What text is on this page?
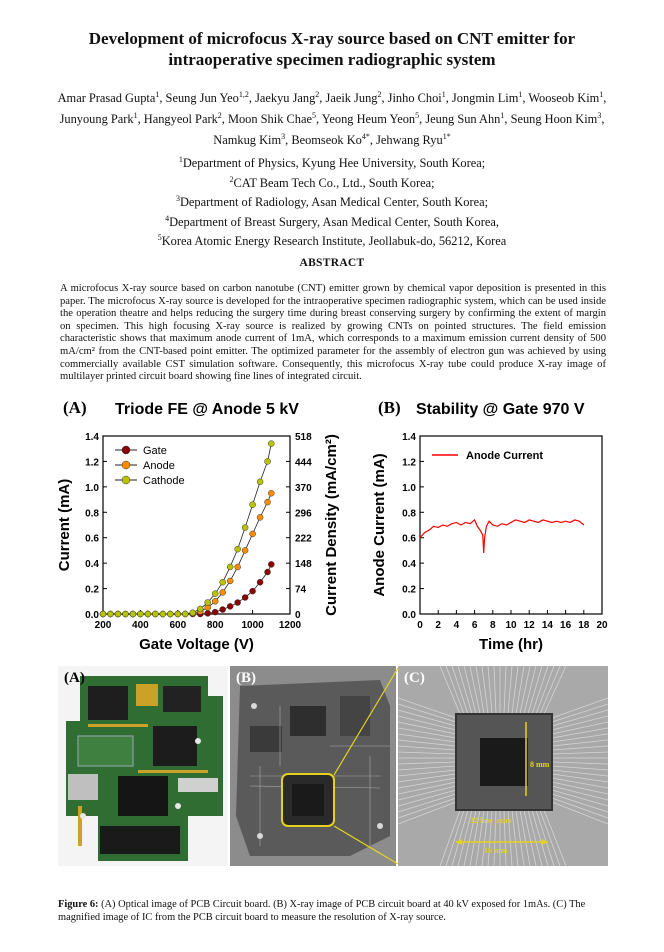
Development of microfocus X-ray source based on CNT emitter for intraoperative specimen radiographic system
Amar Prasad Gupta$^1$, Seung Jun Yeo$^{1,2}$, Jaekyu Jang$^2$, Jaeik Jung$^2$, Jinho Choi$^1$, Jongmin Lim$^1$, Wooseob Kim$^1$, Junyoung Park$^1$, Hangyeol Park$^2$, Moon Shik Chae$^5$, Yeong Heum Yeon$^5$, Jeung Sun Ahn$^1$, Seung Hoon Kim$^3$, Namkug Kim$^3$, Beomseok $Ko^{4*}$, Jehwang Ryu$^{1*}$
$^1$Department of Physics, Kyung Hee University, South Korea;
$^2$CAT Beam Tech Co., Ltd., South Korea;
$^3$Department of Radiology, Asan Medical Center, South Korea;
$^4$Department of Breast Surgery, Asan Medical Center, South Korea,
$^5$Korea Atomic Energy Research Institute, Jeollabuk-do, 56212, Korea
ABSTRACT
A microfocus X-ray source based on carbon nanotube (CNT) emitter grown by chemical vapor deposition is presented in this paper. The microfocus X-ray source is developed for the intraoperative specimen radiographic system, which can be used inside the operation theatre and helps reducing the surgery time during breast conserving surgery by confirming the extent of margin on specimen. This high focusing X-ray source is realized by growing CNTs on pointed structures. The field emission characteristic shows that maximum anode current of 1mA, which corresponds to a maximum emission current density of 500 mA/cm² from the CNT-based point emitter. The optimized parameter for the assembly of electron gun was achieved by using commercially available CST simulation software. Consequently, this microfocus X-ray tube could produce X-ray image of multilayer printed circuit board showing fine lines of integrated circuit.
(A) Triode FE @ Anode 5 kV
0.0
0.2
0.4
0.6
0.8
1.0
1.2
1.4
0
74
148
222
296
370
444
518
200 400 600 800 1000 1200
Gate Voltage (V)
Current (mA)	Current Density (mA/cm²)
Gate
Anode
Cathode
(B) Stability @ Gate 970 V
0.0
0.2
0.4
0.6
0.8
1.0
1.2
1.4
0 2 4 6 8 10 12 14 16 18 20
Time (hr)
Anode Current (mA)	Anode Current
(A)	(B)	(C)
8 mm
32 line pairs
16 mm
Figure 6: (A) Optical image of PCB Circuit board. (B) X-ray image of PCB circuit board at 40 kV exposed for 1mAs. (C) The magnified image of IC from the PCB circuit board to measure the resolution of X-ray source.
